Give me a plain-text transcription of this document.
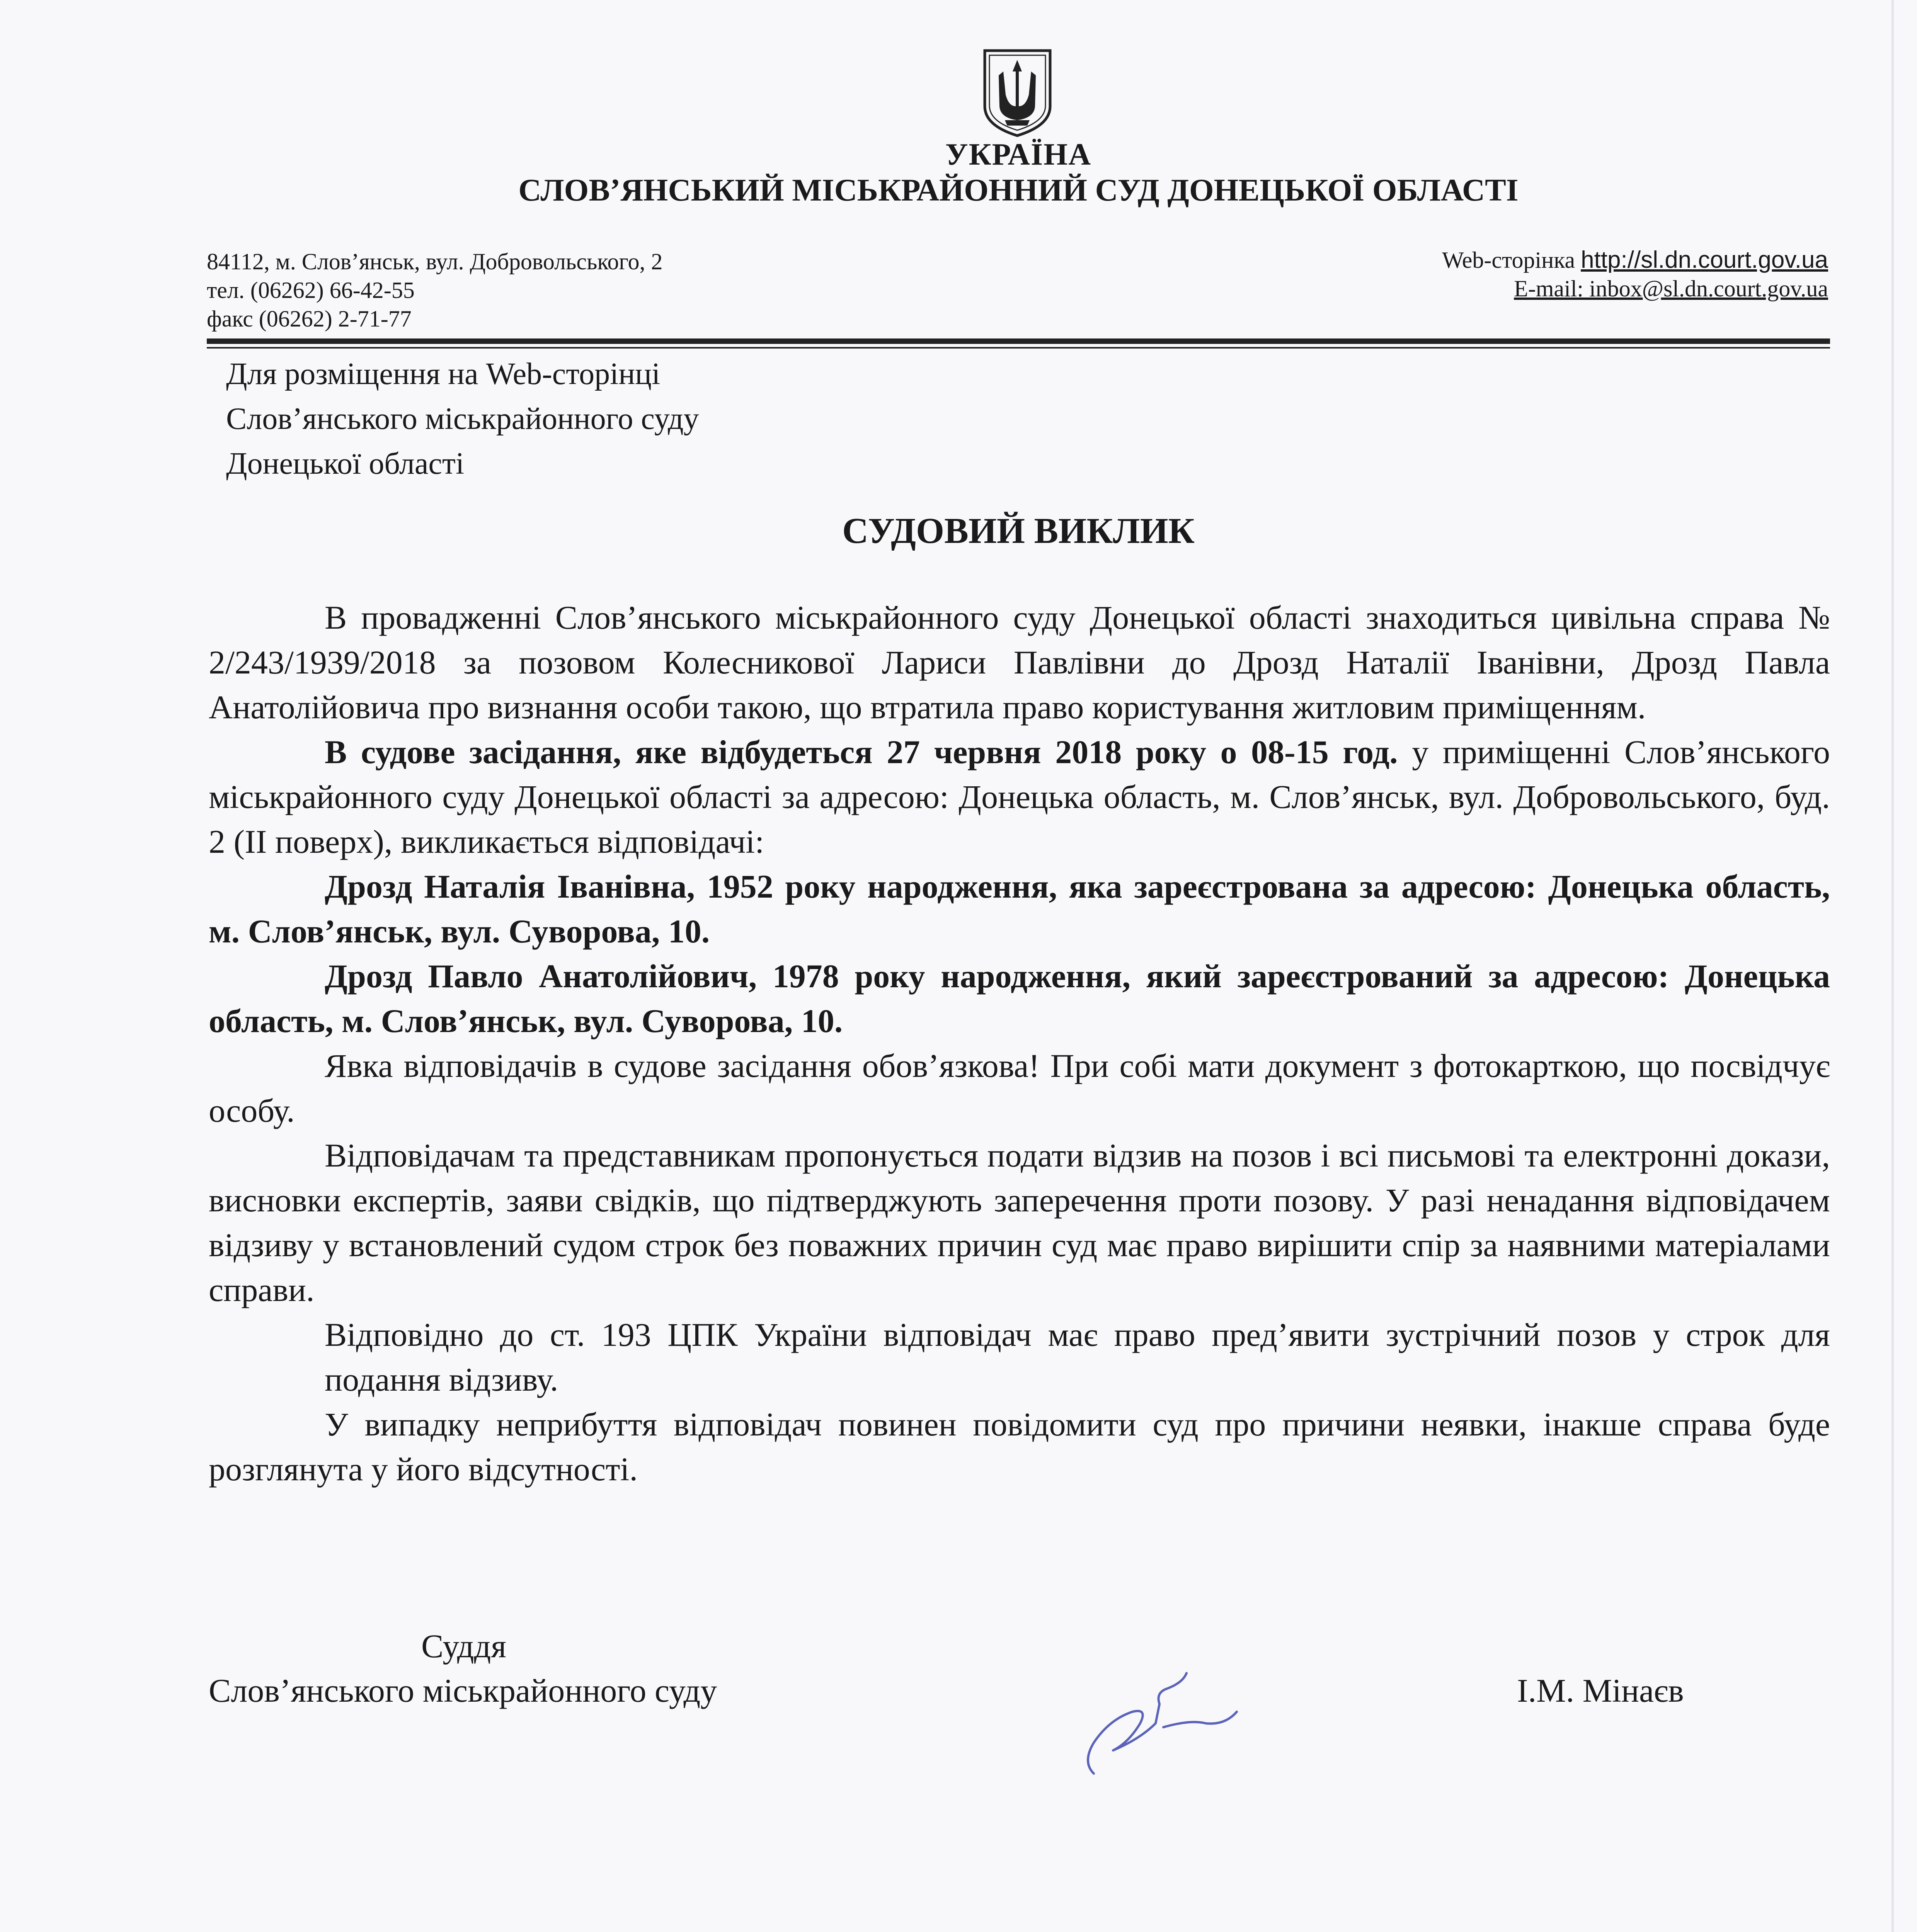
УКРАЇНА
СЛОВ’ЯНСЬКИЙ МІСЬКРАЙОННИЙ СУД ДОНЕЦЬКОЇ ОБЛАСТІ
84112, м. Слов’янськ, вул. Добровольського, 2
тел. (06262) 66-42-55
факс (06262) 2-71-77
Web-сторінка http://sl.dn.court.gov.ua
E-mail: inbox@sl.dn.court.gov.ua
Для розміщення на Web-сторінці
Слов’янського міськрайонного суду
Донецької області
СУДОВИЙ ВИКЛИК

В провадженні Слов’янського міськрайонного суду Донецької області знаходиться цивільна справа № 2/243/1939/2018 за позовом Колесникової Лариси Павлівни до Дрозд Наталії Іванівни, Дрозд Павла Анатолійовича про визнання особи такою, що втратила право користування житловим приміщенням.

В судове засідання, яке відбудеться 27 червня 2018 року о 08-15 год. у приміщенні Слов’янського міськрайонного суду Донецької області за адресою: Донецька область, м. Слов’янськ, вул. Добровольського, буд. 2 (ІІ поверх), викликається відповідачі:

Дрозд Наталія Іванівна, 1952 року народження, яка зареєстрована за адресою: Донецька область, м. Слов’янськ, вул. Суворова, 10.

Дрозд Павло Анатолійович, 1978 року народження, який зареєстрований за адресою: Донецька область, м. Слов’янськ, вул. Суворова, 10.

Явка відповідачів в судове засідання обов’язкова! При собі мати документ з фотокарткою, що посвідчує особу.

Відповідачам та представникам пропонується подати відзив на позов і всі письмові та електронні докази, висновки експертів, заяви свідків, що підтверджують заперечення проти позову. У разі ненадання відповідачем відзиву у встановлений судом строк без поважних причин суд має право вирішити спір за наявними матеріалами справи.

Відповідно до ст. 193 ЦПК України відповідач має право пред’явити зустрічний позов у строк для подання відзиву.

У випадку неприбуття відповідач повинен повідомити суд про причини неявки, інакше справа буде розглянута у його відсутності.

Суддя
Слов’янського міськрайонного суду	І.М. Мінаєв
